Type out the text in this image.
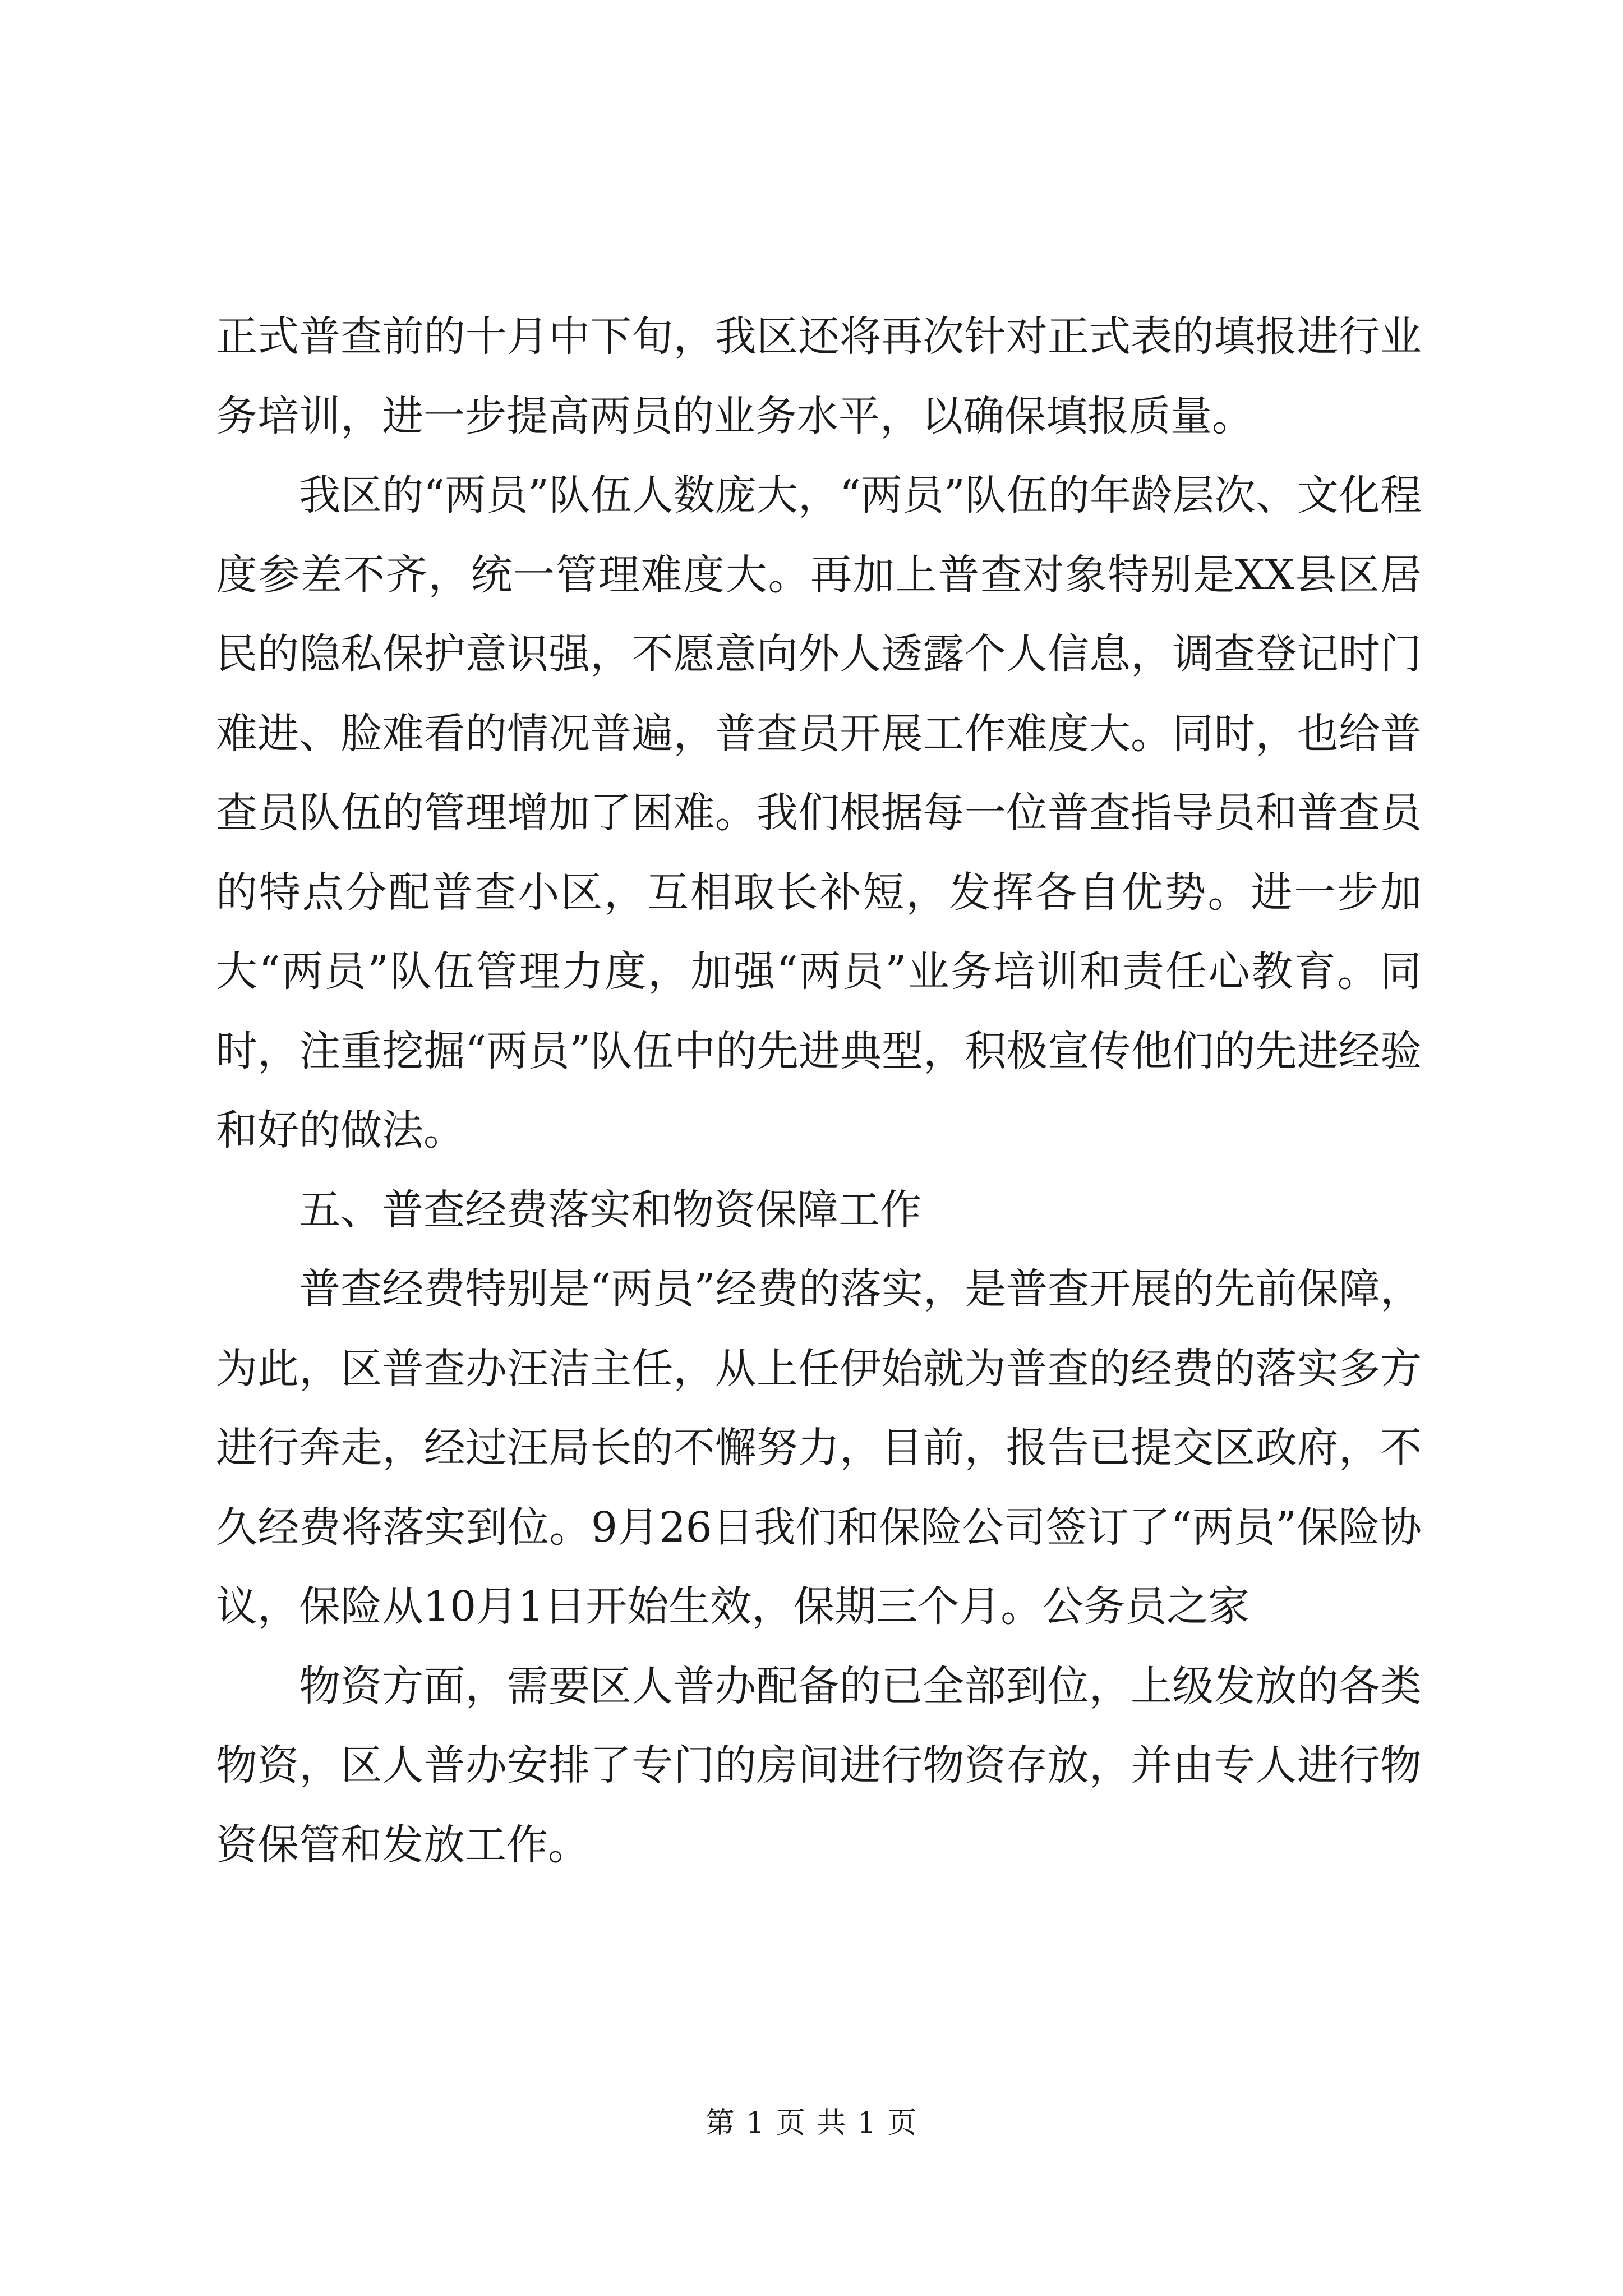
正式普查前的十月中下旬，我区还将再次针对正式表的填报进行业务培训，进一步提高两员的业务水平，以确保填报质量。

我区的“两员”队伍人数庞大，“两员”队伍的年龄层次、文化程度参差不齐，统一管理难度大。再加上普查对象特别是XX县区居民的隐私保护意识强，不愿意向外人透露个人信息，调查登记时门难进、脸难看的情况普遍，普查员开展工作难度大。同时，也给普查员队伍的管理增加了困难。我们根据每一位普查指导员和普查员的特点分配普查小区，互相取长补短，发挥各自优势。进一步加大“两员”队伍管理力度，加强“两员”业务培训和责任心教育。同时，注重挖掘“两员”队伍中的先进典型，积极宣传他们的先进经验和好的做法。

五、普查经费落实和物资保障工作

普查经费特别是“两员”经费的落实，是普查开展的先前保障，为此，区普查办汪洁主任，从上任伊始就为普查的经费的落实多方进行奔走，经过汪局长的不懈努力，目前，报告已提交区政府，不久经费将落实到位。9月26日我们和保险公司签订了“两员”保险协议，保险从10月1日开始生效，保期三个月。公务员之家

物资方面，需要区人普办配备的已全部到位，上级发放的各类物资，区人普办安排了专门的房间进行物资存放，并由专人进行物资保管和发放工作。

第 1 页 共 1 页
